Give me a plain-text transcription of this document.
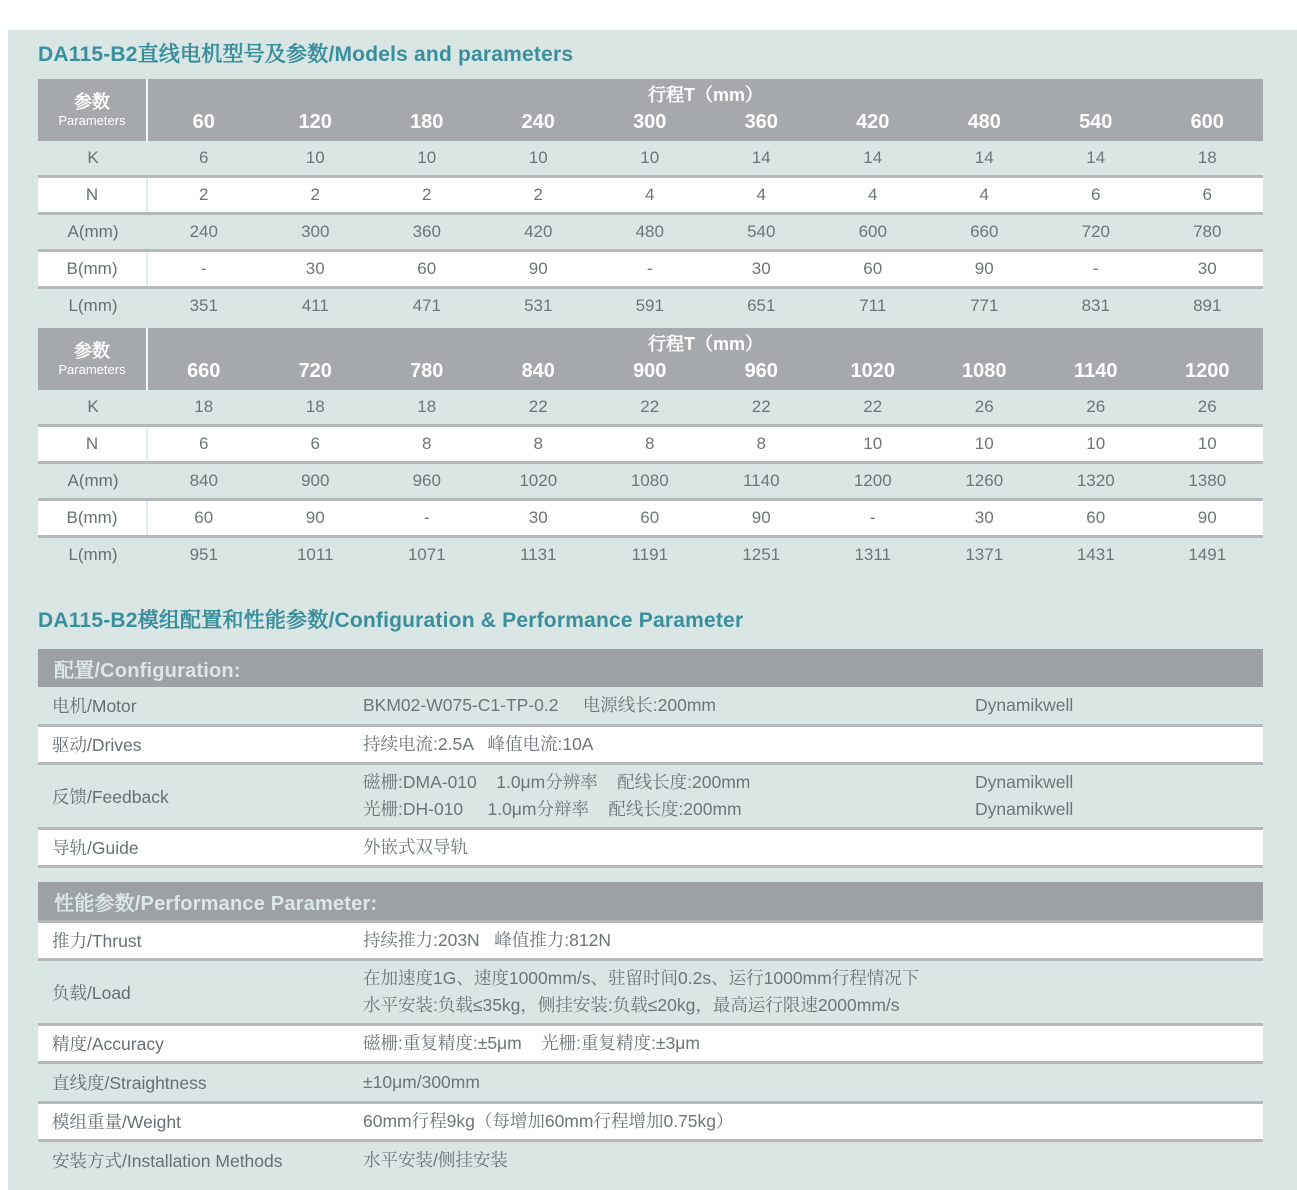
DA115-B2直线电机型号及参数/Models and parameters
参数
Parameters
行程T（mm）
60	120	180	240	300	360	420	480	540	600
K	6	10	10	10	10	14	14	14	14	18
N	2	2	2	2	4	4	4	4	6	6
A(mm)	240	300	360	420	480	540	600	660	720	780
B(mm)	-	30	60	90	-	30	60	90	-	30
L(mm)	351	411	471	531	591	651	711	771	831	891
参数
Parameters
行程T（mm）
660	720	780	840	900	960	1020	1080	1140	1200
K	18	18	18	22	22	22	22	26	26	26
N	6	6	8	8	8	8	10	10	10	10
A(mm)	840	900	960	1020	1080	1140	1200	1260	1320	1380
B(mm)	60	90	-	30	60	90	-	30	60	90
L(mm)	951	1011	1071	1131	1191	1251	1311	1371	1431	1491
DA115-B2模组配置和性能参数/Configuration & Performance Parameter
配置/Configuration:
电机/Motor	BKM02-W075-C1-TP-0.2     电源线长:200mm	Dynamikwell
驱动/Drives	持续电流:2.5A   峰值电流:10A
反馈/Feedback
磁栅:DMA-010    1.0μm分辨率    配线长度:200mm	Dynamikwell
光栅:DH-010     1.0μm分辩率    配线长度:200mm	Dynamikwell
导轨/Guide	外嵌式双导轨
性能参数/Performance Parameter:
推力/Thrust	持续推力:203N   峰值推力:812N
负载/Load
在加速度1G、速度1000mm/s、驻留时间0.2s、运行1000mm行程情况下
水平安装:负载≤35kg，侧挂安装:负载≤20kg，最高运行限速2000mm/s
精度/Accuracy	磁栅:重复精度:±5μm    光栅:重复精度:±3μm
直线度/Straightness	±10μm/300mm
模组重量/Weight	60mm行程9kg（每增加60mm行程增加0.75kg）
安装方式/Installation Methods	水平安装/侧挂安装
